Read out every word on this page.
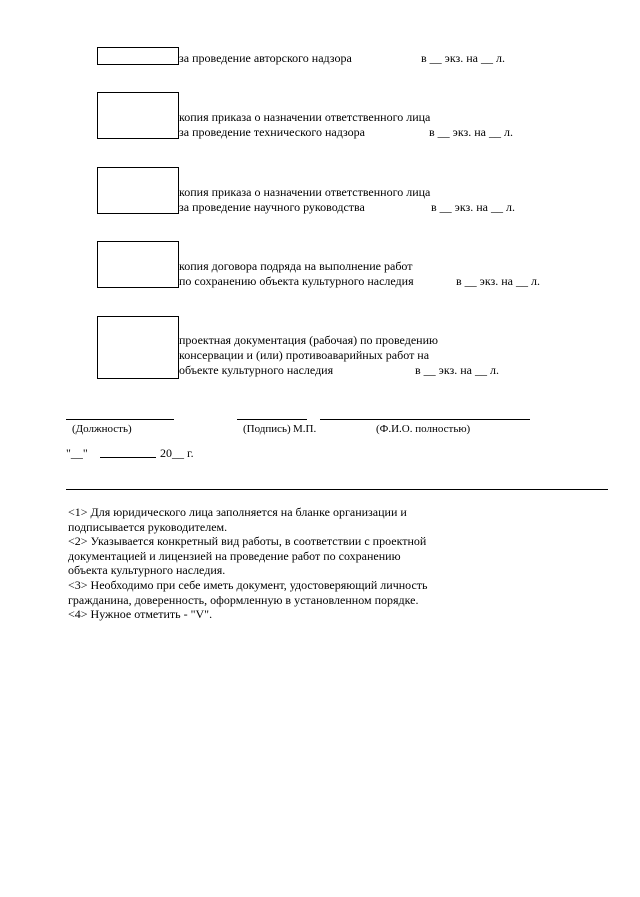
за проведение авторского надзора	в __ экз. на __ л.
копия приказа о назначении ответственного лица
за проведение технического надзора	в __ экз. на __ л.
копия приказа о назначении ответственного лица
за проведение научного руководства	в __ экз. на __ л.
копия договора подряда на выполнение работ
по сохранению объекта культурного наследия	в __ экз. на __ л.
проектная документация (рабочая) по проведению
консервации и (или) противоаварийных работ на
объекте культурного наследия	в __ экз. на __ л.
(Должность)	(Подпись) М.П.	(Ф.И.О. полностью)
"__"	20__ г.

<1> Для юридического лица заполняется на бланке организации и

подписывается руководителем.

<2> Указывается конкретный вид работы, в соответствии с проектной

документацией и лицензией на проведение работ по сохранению

объекта культурного наследия.

<3> Необходимо при себе иметь документ, удостоверяющий личность

гражданина, доверенность, оформленную в установленном порядке.

<4> Нужное отметить - "V".
